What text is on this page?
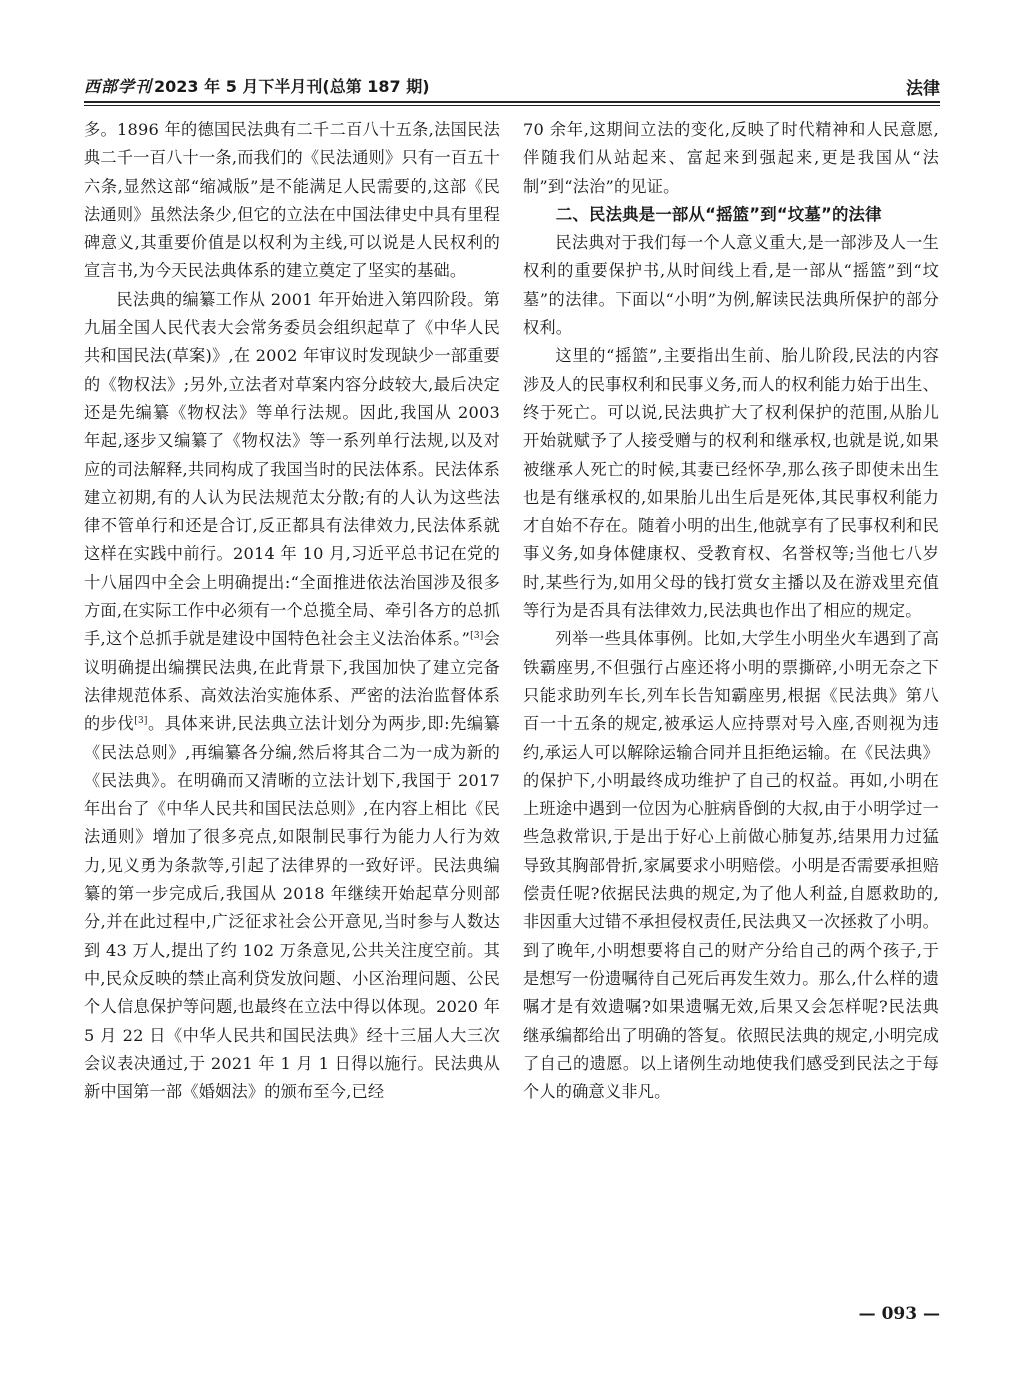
西部学刊 2023 年 5 月下半月刊(总第 187 期)	法律

多。1896 年的德国民法典有二千二百八十五条,法国民法典二千一百八十一条,而我们的《民法通则》只有一百五十六条,显然这部“缩减版”是不能满足人民需要的,这部《民法通则》虽然法条少,但它的立法在中国法律史中具有里程碑意义,其重要价值是以权利为主线,可以说是人民权利的宣言书,为今天民法典体系的建立奠定了坚实的基础。

民法典的编纂工作从 2001 年开始进入第四阶段。第九届全国人民代表大会常务委员会组织起草了《中华人民共和国民法(草案)》,在 2002 年审议时发现缺少一部重要的《物权法》;另外,立法者对草案内容分歧较大,最后决定还是先编纂《物权法》等单行法规。因此,我国从 2003 年起,逐步又编纂了《物权法》等一系列单行法规,以及对应的司法解释,共同构成了我国当时的民法体系。民法体系建立初期,有的人认为民法规范太分散;有的人认为这些法律不管单行和还是合订,反正都具有法律效力,民法体系就这样在实践中前行。2014 年 10 月,习近平总书记在党的十八届四中全会上明确提出:“全面推进依法治国涉及很多方面,在实际工作中必须有一个总揽全局、牵引各方的总抓手,这个总抓手就是建设中国特色社会主义法治体系。”[3]会议明确提出编撰民法典,在此背景下,我国加快了建立完备法律规范体系、高效法治实施体系、严密的法治监督体系的步伐[3]。具体来讲,民法典立法计划分为两步,即:先编纂《民法总则》,再编纂各分编,然后将其合二为一成为新的《民法典》。在明确而又清晰的立法计划下,我国于 2017 年出台了《中华人民共和国民法总则》,在内容上相比《民法通则》增加了很多亮点,如限制民事行为能力人行为效力,见义勇为条款等,引起了法律界的一致好评。民法典编纂的第一步完成后,我国从 2018 年继续开始起草分则部分,并在此过程中,广泛征求社会公开意见,当时参与人数达到 43 万人,提出了约 102 万条意见,公共关注度空前。其中,民众反映的禁止高利贷发放问题、小区治理问题、公民个人信息保护等问题,也最终在立法中得以体现。2020 年 5 月 22 日《中华人民共和国民法典》经十三届人大三次会议表决通过,于 2021 年 1 月 1 日得以施行。民法典从新中国第一部《婚姻法》的颁布至今,已经

70 余年,这期间立法的变化,反映了时代精神和人民意愿,伴随我们从站起来、富起来到强起来,更是我国从“法制”到“法治”的见证。

二、民法典是一部从“摇篮”到“坟墓”的法律

民法典对于我们每一个人意义重大,是一部涉及人一生权利的重要保护书,从时间线上看,是一部从“摇篮”到“坟墓”的法律。下面以“小明”为例,解读民法典所保护的部分权利。

这里的“摇篮”,主要指出生前、胎儿阶段,民法的内容涉及人的民事权利和民事义务,而人的权利能力始于出生、终于死亡。可以说,民法典扩大了权利保护的范围,从胎儿开始就赋予了人接受赠与的权利和继承权,也就是说,如果被继承人死亡的时候,其妻已经怀孕,那么孩子即使未出生也是有继承权的,如果胎儿出生后是死体,其民事权利能力才自始不存在。随着小明的出生,他就享有了民事权利和民事义务,如身体健康权、受教育权、名誉权等;当他七八岁时,某些行为,如用父母的钱打赏女主播以及在游戏里充值等行为是否具有法律效力,民法典也作出了相应的规定。

列举一些具体事例。比如,大学生小明坐火车遇到了高铁霸座男,不但强行占座还将小明的票撕碎,小明无奈之下只能求助列车长,列车长告知霸座男,根据《民法典》第八百一十五条的规定,被承运人应持票对号入座,否则视为违约,承运人可以解除运输合同并且拒绝运输。在《民法典》的保护下,小明最终成功维护了自己的权益。再如,小明在上班途中遇到一位因为心脏病昏倒的大叔,由于小明学过一些急救常识,于是出于好心上前做心肺复苏,结果用力过猛导致其胸部骨折,家属要求小明赔偿。小明是否需要承担赔偿责任呢?依据民法典的规定,为了他人利益,自愿救助的,非因重大过错不承担侵权责任,民法典又一次拯救了小明。到了晚年,小明想要将自己的财产分给自己的两个孩子,于是想写一份遗嘱待自己死后再发生效力。那么,什么样的遗嘱才是有效遗嘱?如果遗嘱无效,后果又会怎样呢?民法典继承编都给出了明确的答复。依照民法典的规定,小明完成了自己的遗愿。以上诸例生动地使我们感受到民法之于每个人的确意义非凡。

— 093 —
